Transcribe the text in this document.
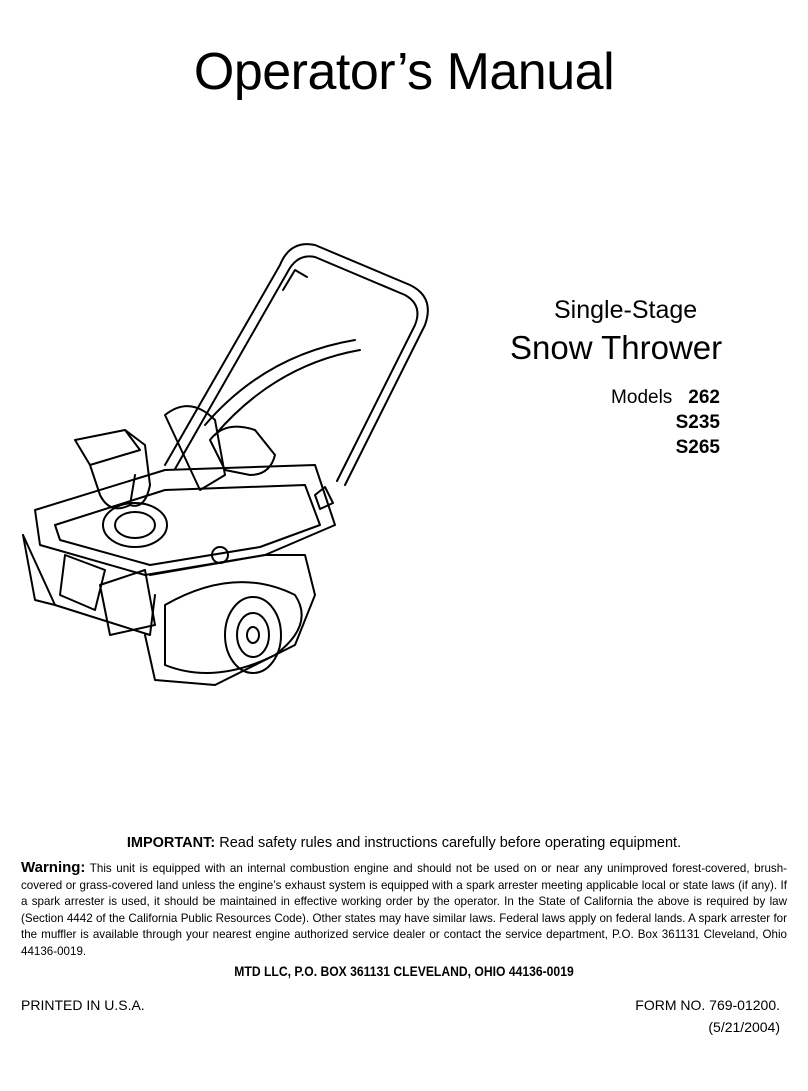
Operator’s Manual
Single-Stage
Snow Thrower
Models 262
S235
S265
IMPORTANT: Read safety rules and instructions carefully before operating equipment.
Warning: This unit is equipped with an internal combustion engine and should not be used on or near any unimproved forest-covered, brush-covered or grass-covered land unless the engine’s exhaust system is equipped with a spark arrester meeting applicable local or state laws (if any). If a spark arrester is used, it should be maintained in effective working order by the operator. In the State of California the above is required by law (Section 4442 of the California Public Resources Code). Other states may have similar laws. Federal laws apply on federal lands. A spark arrester for the muffler is available through your nearest engine authorized service dealer or contact the service department, P.O. Box 361131 Cleveland, Ohio 44136-0019.
MTD LLC, P.O. BOX 361131 CLEVELAND, OHIO 44136-0019
PRINTED IN U.S.A.	FORM NO. 769-01200.
(5/21/2004)
